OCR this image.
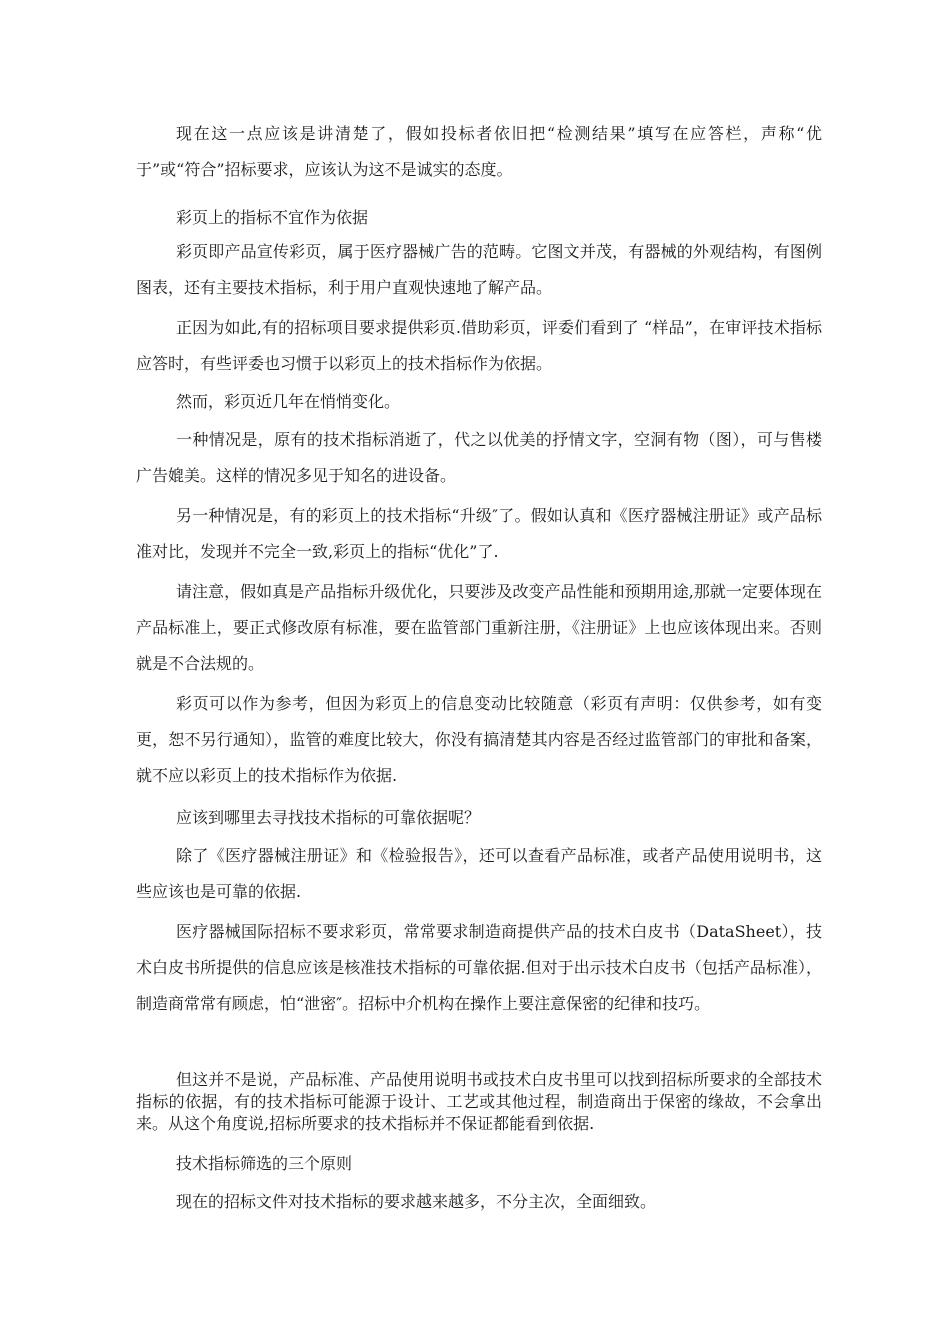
现在这一点应该是讲清楚了，假如投标者依旧把“检测结果”填写在应答栏，声称“优于”或“符合”招标要求，应该认为这不是诚实的态度。

彩页上的指标不宜作为依据

彩页即产品宣传彩页，属于医疗器械广告的范畴。它图文并茂，有器械的外观结构，有图例图表，还有主要技术指标，利于用户直观快速地了解产品。

正因为如此,有的招标项目要求提供彩页.借助彩页，评委们看到了 “样品”，在审评技术指标应答时，有些评委也习惯于以彩页上的技术指标作为依据。

然而，彩页近几年在悄悄变化。

一种情况是，原有的技术指标消逝了，代之以优美的抒情文字，空洞有物（图），可与售楼广告媲美。这样的情况多见于知名的进设备。

另一种情况是，有的彩页上的技术指标“升级″了。假如认真和《医疗器械注册证》或产品标准对比，发现并不完全一致,彩页上的指标“优化”了.

请注意，假如真是产品指标升级优化，只要涉及改变产品性能和预期用途,那就一定要体现在产品标准上，要正式修改原有标准，要在监管部门重新注册，《注册证》上也应该体现出来。否则就是不合法规的。

彩页可以作为参考，但因为彩页上的信息变动比较随意（彩页有声明：仅供参考，如有变更，恕不另行通知），监管的难度比较大，你没有搞清楚其内容是否经过监管部门的审批和备案，就不应以彩页上的技术指标作为依据.

应该到哪里去寻找技术指标的可靠依据呢？

除了《医疗器械注册证》和《检验报告》，还可以查看产品标准，或者产品使用说明书，这些应该也是可靠的依据.

医疗器械国际招标不要求彩页，常常要求制造商提供产品的技术白皮书（DataSheet），技术白皮书所提供的信息应该是核准技术指标的可靠依据.但对于出示技术白皮书（包括产品标准），制造商常常有顾虑，怕“泄密″。招标中介机构在操作上要注意保密的纪律和技巧。

但这并不是说，产品标准、产品使用说明书或技术白皮书里可以找到招标所要求的全部技术指标的依据，有的技术指标可能源于设计、工艺或其他过程，制造商出于保密的缘故，不会拿出来。从这个角度说,招标所要求的技术指标并不保证都能看到依据.

技术指标筛选的三个原则

现在的招标文件对技术指标的要求越来越多，不分主次，全面细致。
